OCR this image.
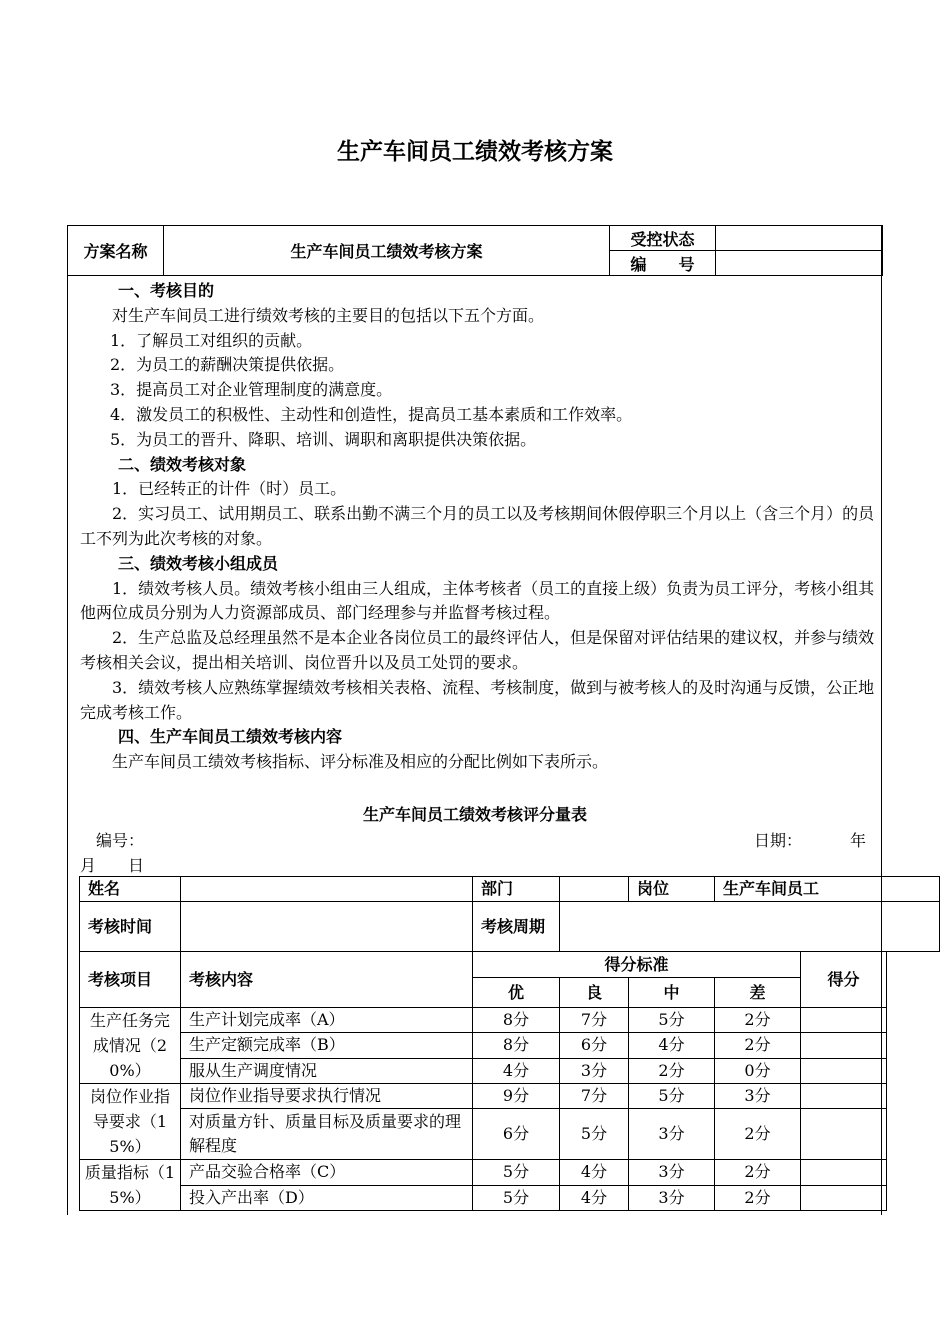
生产车间员工绩效考核方案
方案名称	生产车间员工绩效考核方案	受控状态	
		编　　号	

一、考核目的

对生产车间员工进行绩效考核的主要目的包括以下五个方面。

1．了解员工对组织的贡献。

2．为员工的薪酬决策提供依据。

3．提高员工对企业管理制度的满意度。

4．激发员工的积极性、主动性和创造性，提高员工基本素质和工作效率。

5．为员工的晋升、降职、培训、调职和离职提供决策依据。

二、绩效考核对象

1．已经转正的计件（时）员工。

2．实习员工、试用期员工、联系出勤不满三个月的员工以及考核期间休假停职三个月以上（含三个月）的员工不列为此次考核的对象。

三、绩效考核小组成员

1．绩效考核人员。绩效考核小组由三人组成，主体考核者（员工的直接上级）负责为员工评分，考核小组其他两位成员分别为人力资源部成员、部门经理参与并监督考核过程。

2．生产总监及总经理虽然不是本企业各岗位员工的最终评估人，但是保留对评估结果的建议权，并参与绩效考核相关会议，提出相关培训、岗位晋升以及员工处罚的要求。

3．绩效考核人应熟练掌握绩效考核相关表格、流程、考核制度，做到与被考核人的及时沟通与反馈，公正地完成考核工作。

四、生产车间员工绩效考核内容

生产车间员工绩效考核指标、评分标准及相应的分配比例如下表所示。

生产车间员工绩效考核评分量表
编号：	日期：	年
月　　日
姓名		部门		岗位	生产车间员工	
考核时间		考核周期				
考核项目	考核内容	得分标准				得分
		优	良	中	差	
生产任务完成情况（20%）	生产计划完成率（A）	8分	7分	5分	2分	
	生产定额完成率（B）	8分	6分	4分	2分	
	服从生产调度情况	4分	3分	2分	0分	
岗位作业指导要求（15%）	岗位作业指导要求执行情况	9分	7分	5分	3分	
	对质量方针、质量目标及质量要求的理解程度	6分	5分	3分	2分	
质量指标（15%）	产品交验合格率（C）	5分	4分	3分	2分	
	投入产出率（D）	5分	4分	3分	2分	
